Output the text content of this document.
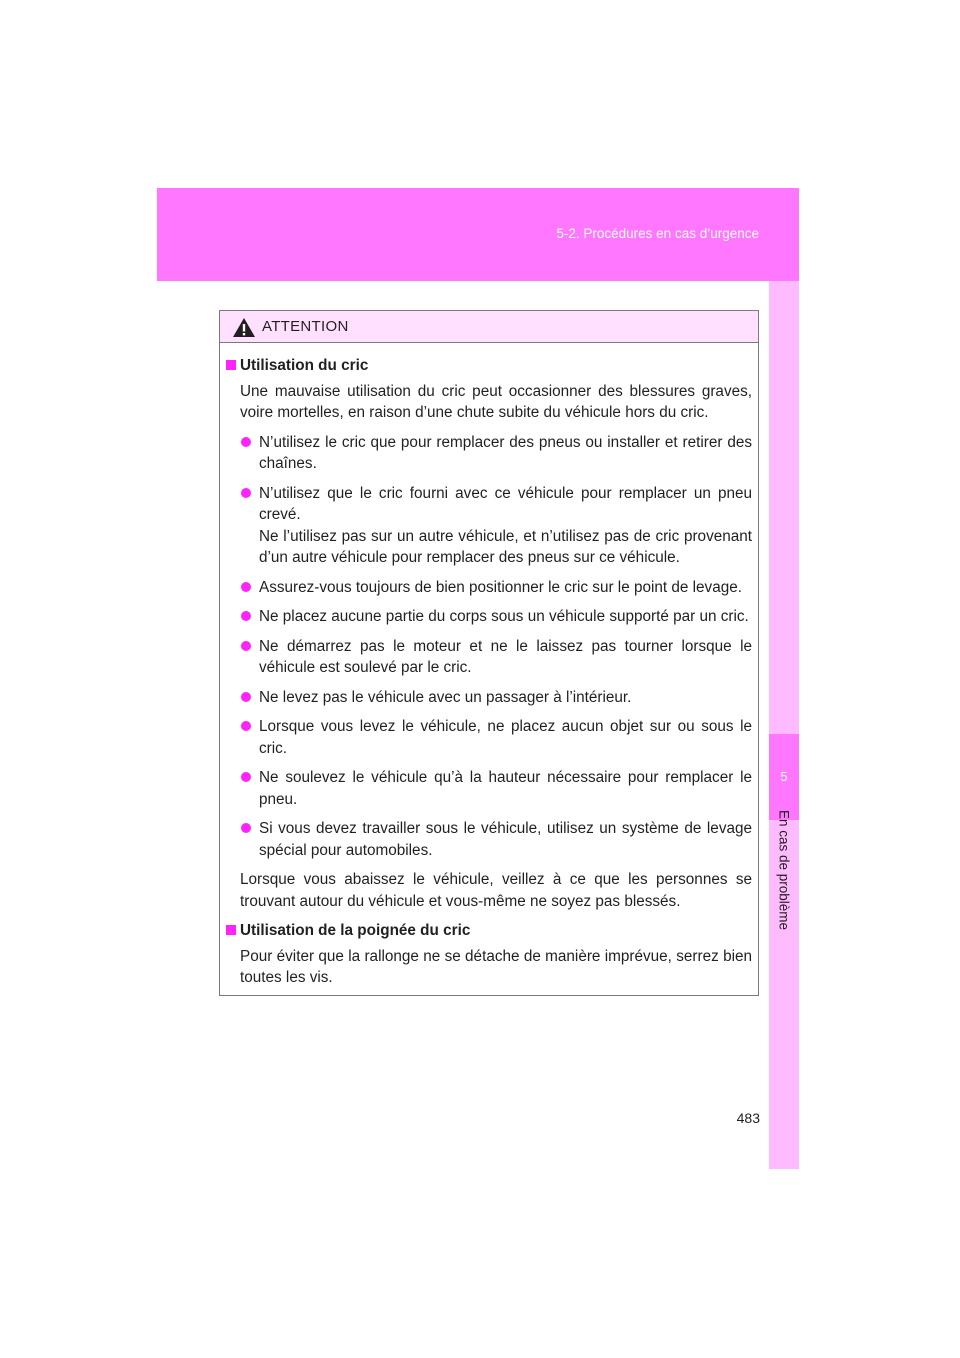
5-2. Procédures en cas d’urgence
5
En cas de problème
ATTENTION
Utilisation du cric
Une mauvaise utilisation du cric peut occasionner des blessures graves, voire mortelles, en raison d’une chute subite du véhicule hors du cric.
N’utilisez le cric que pour remplacer des pneus ou installer et retirer des chaînes.
N’utilisez que le cric fourni avec ce véhicule pour remplacer un pneu crevé.
Ne l’utilisez pas sur un autre véhicule, et n’utilisez pas de cric provenant d’un autre véhicule pour remplacer des pneus sur ce véhicule.
Assurez-vous toujours de bien positionner le cric sur le point de levage.
Ne placez aucune partie du corps sous un véhicule supporté par un cric.
Ne démarrez pas le moteur et ne le laissez pas tourner lorsque le véhicule est soulevé par le cric.
Ne levez pas le véhicule avec un passager à l’intérieur.
Lorsque vous levez le véhicule, ne placez aucun objet sur ou sous le cric.
Ne soulevez le véhicule qu’à la hauteur nécessaire pour remplacer le pneu.
Si vous devez travailler sous le véhicule, utilisez un système de levage spécial pour automobiles.
Lorsque vous abaissez le véhicule, veillez à ce que les personnes se trouvant autour du véhicule et vous-même ne soyez pas blessés.
Utilisation de la poignée du cric
Pour éviter que la rallonge ne se détache de manière imprévue, serrez bien toutes les vis.
483
